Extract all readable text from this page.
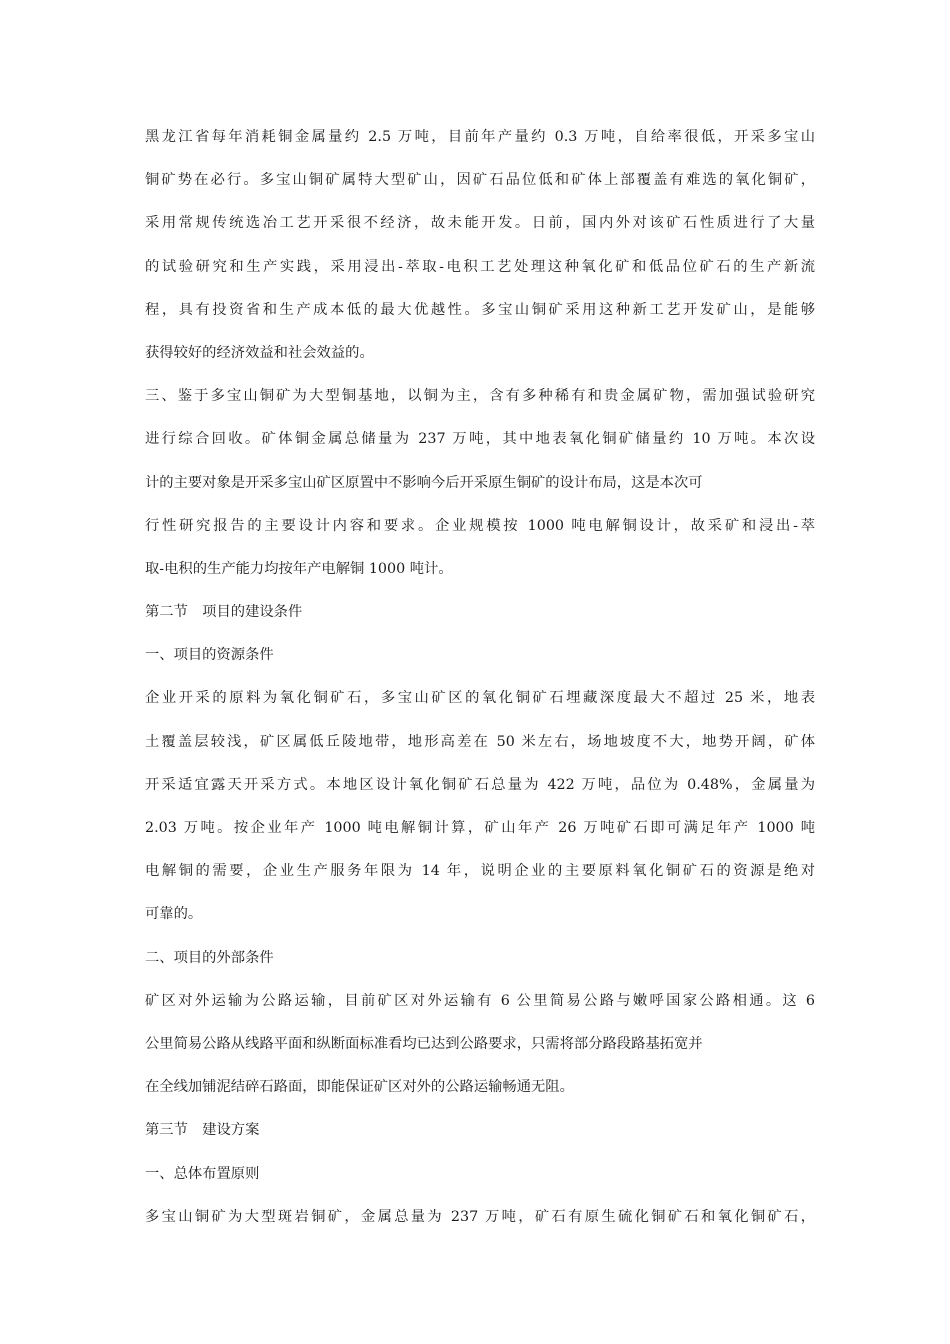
黑龙江省每年消耗铜金属量约 2.5 万吨，目前年产量约 0.3 万吨，自给率很低，开采多宝山
铜矿势在必行。多宝山铜矿属特大型矿山，因矿石品位低和矿体上部覆盖有难选的氧化铜矿，
采用常规传统选冶工艺开采很不经济，故未能开发。日前，国内外对该矿石性质进行了大量
的试验研究和生产实践，采用浸出-萃取-电积工艺处理这种氧化矿和低品位矿石的生产新流
程，具有投资省和生产成本低的最大优越性。多宝山铜矿采用这种新工艺开发矿山，是能够
获得较好的经济效益和社会效益的。
三、鉴于多宝山铜矿为大型铜基地，以铜为主，含有多种稀有和贵金属矿物，需加强试验研究
进行综合回收。矿体铜金属总储量为 237 万吨，其中地表氧化铜矿储量约 10 万吨。本次设
计的主要对象是开采多宝山矿区原置中不影响今后开采原生铜矿的设计布局，这是本次可
行性研究报告的主要设计内容和要求。企业规模按 1000 吨电解铜设计，故采矿和浸出-萃
取-电积的生产能力均按年产电解铜 1000 吨计。
第二节　项目的建设条件
一、项目的资源条件
企业开采的原料为氧化铜矿石，多宝山矿区的氧化铜矿石埋藏深度最大不超过 25 米，地表
土覆盖层较浅，矿区属低丘陵地带，地形高差在 50 米左右，场地坡度不大，地势开阔，矿体
开采适宜露天开采方式。本地区设计氧化铜矿石总量为 422 万吨，品位为 0.48%，金属量为
2.03 万吨。按企业年产 1000 吨电解铜计算，矿山年产 26 万吨矿石即可满足年产 1000 吨
电解铜的需要，企业生产服务年限为 14 年，说明企业的主要原料氧化铜矿石的资源是绝对
可靠的。
二、项目的外部条件
矿区对外运输为公路运输，目前矿区对外运输有 6 公里简易公路与嫩呼国家公路相通。这 6
公里简易公路从线路平面和纵断面标准看均已达到公路要求，只需将部分路段路基拓宽并
在全线加铺泥结碎石路面，即能保证矿区对外的公路运输畅通无阻。
第三节　建设方案
一、总体布置原则
多宝山铜矿为大型斑岩铜矿，金属总量为 237 万吨，矿石有原生硫化铜矿石和氧化铜矿石，
